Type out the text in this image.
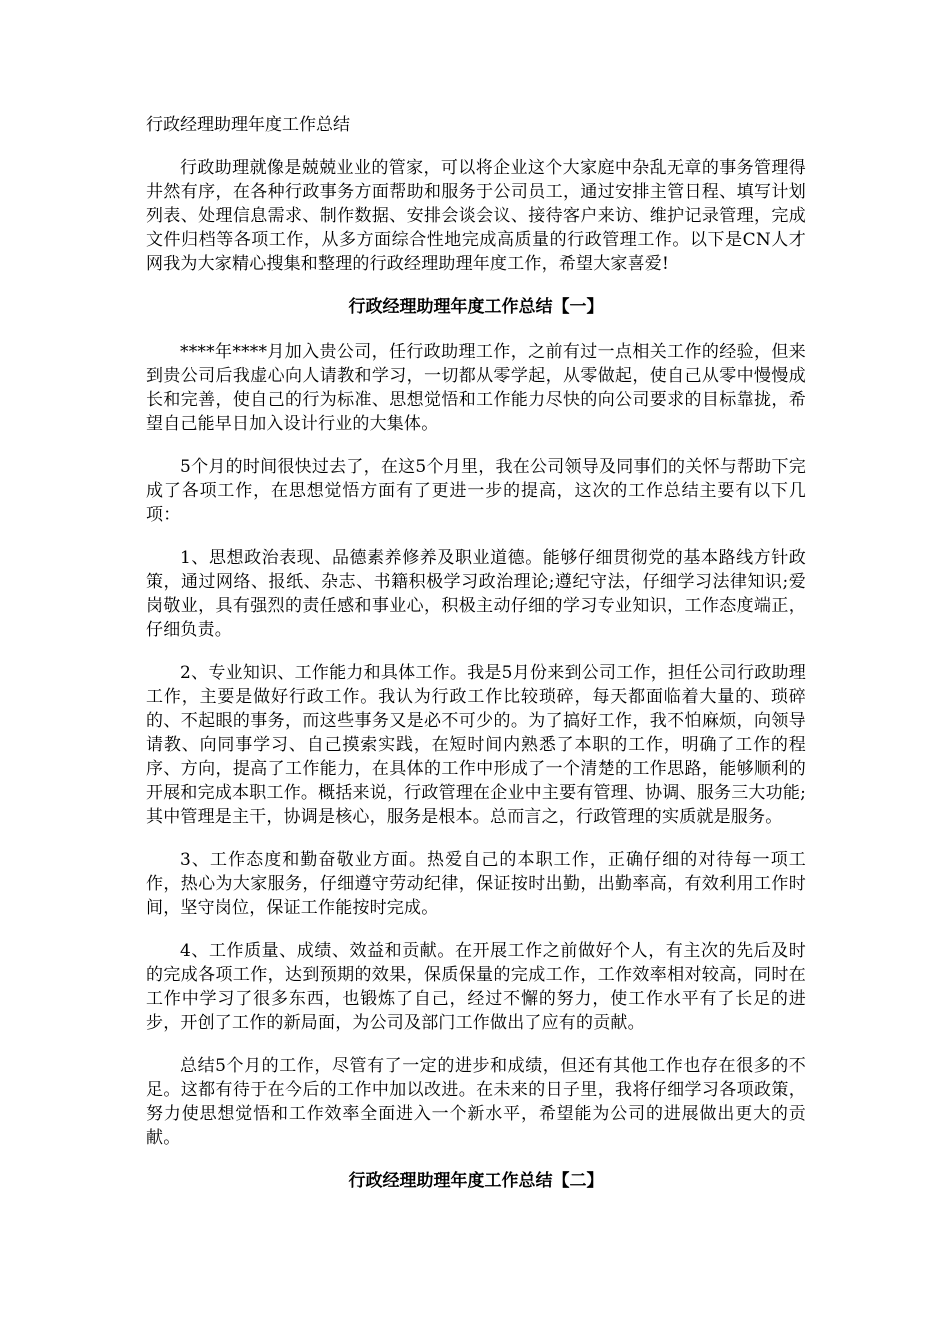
行政经理助理年度工作总结

行政助理就像是兢兢业业的管家，可以将企业这个大家庭中杂乱无章的事务管理得井然有序，在各种行政事务方面帮助和服务于公司员工，通过安排主管日程、填写计划列表、处理信息需求、制作数据、安排会谈会议、接待客户来访、维护记录管理，完成文件归档等各项工作，从多方面综合性地完成高质量的行政管理工作。以下是CN人才网我为大家精心搜集和整理的行政经理助理年度工作，希望大家喜爱!

行政经理助理年度工作总结【一】

****年****月加入贵公司，任行政助理工作，之前有过一点相关工作的经验，但来到贵公司后我虚心向人请教和学习，一切都从零学起，从零做起，使自己从零中慢慢成长和完善，使自己的行为标准、思想觉悟和工作能力尽快的向公司要求的目标靠拢，希望自己能早日加入设计行业的大集体。

5个月的时间很快过去了，在这5个月里，我在公司领导及同事们的关怀与帮助下完成了各项工作，在思想觉悟方面有了更进一步的提高，这次的工作总结主要有以下几项：

1、思想政治表现、品德素养修养及职业道德。能够仔细贯彻党的基本路线方针政策，通过网络、报纸、杂志、书籍积极学习政治理论;遵纪守法，仔细学习法律知识;爱岗敬业，具有强烈的责任感和事业心，积极主动仔细的学习专业知识，工作态度端正，仔细负责。

2、专业知识、工作能力和具体工作。我是5月份来到公司工作，担任公司行政助理工作，主要是做好行政工作。我认为行政工作比较琐碎，每天都面临着大量的、琐碎的、不起眼的事务，而这些事务又是必不可少的。为了搞好工作，我不怕麻烦，向领导请教、向同事学习、自己摸索实践，在短时间内熟悉了本职的工作，明确了工作的程序、方向，提高了工作能力，在具体的工作中形成了一个清楚的工作思路，能够顺利的开展和完成本职工作。概括来说，行政管理在企业中主要有管理、协调、服务三大功能;其中管理是主干，协调是核心，服务是根本。总而言之，行政管理的实质就是服务。

3、工作态度和勤奋敬业方面。热爱自己的本职工作，正确仔细的对待每一项工作，热心为大家服务，仔细遵守劳动纪律，保证按时出勤，出勤率高，有效利用工作时间，坚守岗位，保证工作能按时完成。

4、工作质量、成绩、效益和贡献。在开展工作之前做好个人，有主次的先后及时的完成各项工作，达到预期的效果，保质保量的完成工作，工作效率相对较高，同时在工作中学习了很多东西，也锻炼了自己，经过不懈的努力，使工作水平有了长足的进步，开创了工作的新局面，为公司及部门工作做出了应有的贡献。

总结5个月的工作，尽管有了一定的进步和成绩，但还有其他工作也存在很多的不足。这都有待于在今后的工作中加以改进。在未来的日子里，我将仔细学习各项政策，努力使思想觉悟和工作效率全面进入一个新水平，希望能为公司的进展做出更大的贡献。

行政经理助理年度工作总结【二】
